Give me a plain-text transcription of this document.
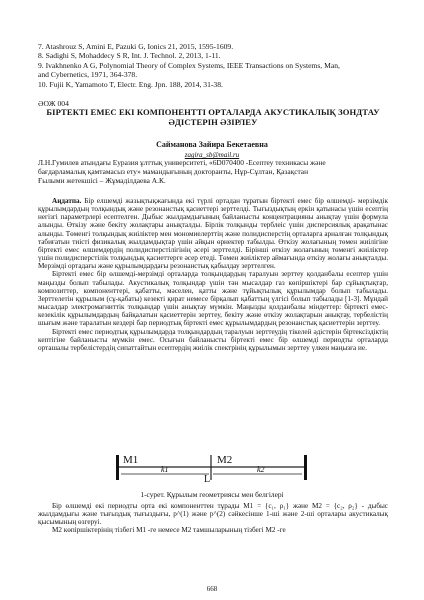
7. Atashrouz S, Amini E, Pazuki G, Ionics 21, 2015, 1595-1609.
8. Sadighi S, Mohaddecy S R, Int. J. Technol. 2, 2013, 1-11.
9. Ivakhnenko A G, Polynomial Theory of Complex Systems, IEEE Transactions on Systems, Man,
and Cybernetics, 1971, 364-378.
10. Fujii K, Yamamoto T, Electr. Eng. Jpn. 188, 2014, 31-38.
ӘОЖ 004
БІРТЕКТІ ЕМЕС ЕКІ КОМПОНЕНТТІ ОРТАЛАРДА АКУСТИКАЛЫҚ ЗОНДТАУ
ӘДІСТЕРІН ӘЗІРЛЕУ
Сайманова Зайира Бекетаевна
zagira_sb@mail.ru
Л.Н.Гумилев атындағы Еуразия ұлттық университеті, «6D070400 -Есептеу техникасы және
бағдарламалық қамтамасыз ету» мамандығының докторанты, Нұр-Сұлтан, Қазақстан
Ғылыми жетекшісі – Жұмаділдаева А.К.

Аңдатпа. Бір елшемді жазықтықжағында екі түрлі ортадан тұратын біртекті емес бір өлшемді- мерзімдік құрылымдардың толқындық және резонанстық қасиеттері зерттелді. Тығыздықтың еркін қатынасы үшін есептің негізгі параметрлері есептелген. Дыбыс жылдамдығының байланысты концентрацияны анықтау үшін формула алынды. Өткізу және бекіту жолақтары анықталды. Бірлік толқынды терблеіс үшін дисперсиялық арақатынас алынды. Төменгі толқындық жиіліктер мен мономиелерттің және полидисперстің орталарга арналған толқындық табиғатын тиісті физикалық жылдамдықтар үшін айқын өрнектер табылды. Өткізу жолағының төмен жиілігіне біртекті емес өлшемдердің полидисперстілігінің әсері зерттелді. Бірінші өткізу жолағының төменгі жиіліктер үшін полидисперстілік толқындық қасиеттерге әсер етеді. Төмен жиіліктер аймағында өткізу жолағы анықталды. Мерзімді ортадағы және құрылымдардағы резонанстық қабылдау зерттелген.

Біртекті емес бір өлшемді-мерзімді орталарда толқындардың таралуын зерттеу қолданбалы есептер үшін маңызды болып табылады. Акустикалық толқындар үшін тән мысалдар газ көпіршіктері бар сұйықтықтар, композиттер, компоненттері, қабатты, мәселен, қатты және тұйықтылық құрылымдар болып табылады. Зерттелетін құрылым (сұ-қабаты) кезекті қират немесе бірқалып қабаттың үлгісі болып табылады [1-3]. Мұндай мысалдар электромагниттік толқындар үшін анықтау мүмкін. Маңызды қолданбалы міндеттер: біртекті емес-кезекілік құрылымдардың байқалатын қасиеттерін зерттеу, бекіту және өткізу жолақтарын анықтау, тербелістің шығым және таралатын кездері бар периодтық біртекті емес құрылымдардың резонанстық қасиеттерін зерттеу.

Біртекті емес периодтық құрылымдарда толқындардың таралуын зерттеудің тікелей әдістерін біртексіздіктің кептігіне байланысты мүмкін емес. Осығын байланысты біртекті емес бір өлшемді периодты орталарда орташалы тербелістердің сипаттайтын есептердің жиілік спектрінің құрылымын зерттеу үлкен маңызға ие.

M1	M2
L
k1	k2
1-сурет. Құрылым геометриясы мен белгілері

Бір өлшемді екі периодты орта екі компоненттен тұрады M1 = {c₁, ρ₁} және M2 = {c₂, ρ₂} - дыбыс жылдамдығы және тығыздық тығыздығы, p^(1) және p^(2) сәйкесінше 1-ші және 2-ші орталары акустикалық қысымының өзгеруі.

M2 көпіршіктерінің тізбегі M1 -ге немесе M2 тамшыларының тізбегі M2 -ге

668
